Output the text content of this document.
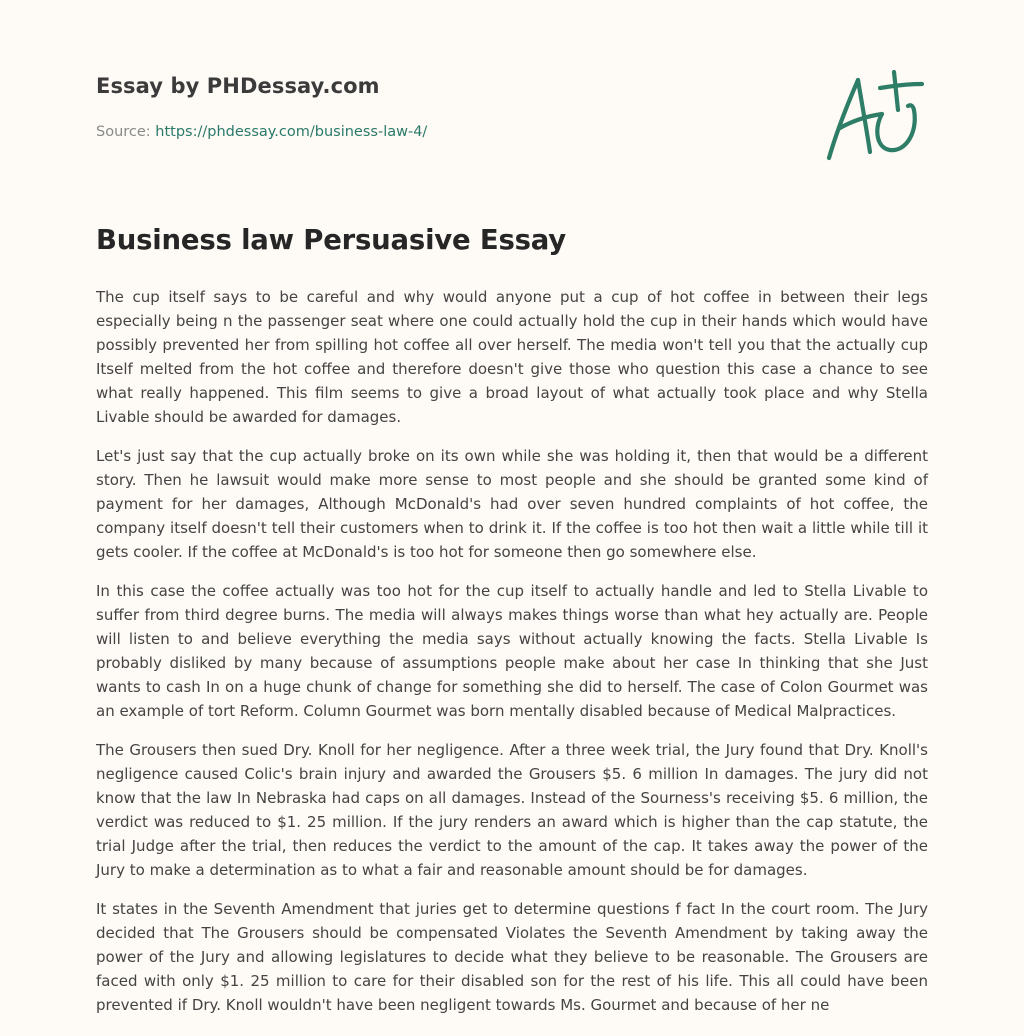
Essay by PHDessay.com
Source: https://phdessay.com/business-law-4/
Business law Persuasive Essay

The cup itself says to be careful and why would anyone put a cup of hot coffee in between their legs especially being n the passenger seat where one could actually hold the cup in their hands which would have possibly prevented her from spilling hot coffee all over herself. The media won't tell you that the actually cup Itself melted from the hot coffee and therefore doesn't give those who question this case a chance to see what really happened. This film seems to give a broad layout of what actually took place and why Stella Livable should be awarded for damages.

Let's just say that the cup actually broke on its own while she was holding it, then that would be a different story. Then he lawsuit would make more sense to most people and she should be granted some kind of payment for her damages, Although McDonald's had over seven hundred complaints of hot coffee, the company itself doesn't tell their customers when to drink it. If the coffee is too hot then wait a little while till it gets cooler. If the coffee at McDonald's is too hot for someone then go somewhere else.

In this case the coffee actually was too hot for the cup itself to actually handle and led to Stella Livable to suffer from third degree burns. The media will always makes things worse than what hey actually are. People will listen to and believe everything the media says without actually knowing the facts. Stella Livable Is probably disliked by many because of assumptions people make about her case In thinking that she Just wants to cash In on a huge chunk of change for something she did to herself. The case of Colon Gourmet was an example of tort Reform. Column Gourmet was born mentally disabled because of Medical Malpractices.

The Grousers then sued Dry. Knoll for her negligence. After a three week trial, the Jury found that Dry. Knoll's negligence caused Colic's brain injury and awarded the Grousers $5. 6 million In damages. The jury did not know that the law In Nebraska had caps on all damages. Instead of the Sourness's receiving $5. 6 million, the verdict was reduced to $1. 25 million. If the jury renders an award which is higher than the cap statute, the trial Judge after the trial, then reduces the verdict to the amount of the cap. It takes away the power of the Jury to make a determination as to what a fair and reasonable amount should be for damages.

It states in the Seventh Amendment that juries get to determine questions f fact In the court room. The Jury decided that The Grousers should be compensated Violates the Seventh Amendment by taking away the power of the Jury and allowing legislatures to decide what they believe to be reasonable. The Grousers are faced with only $1. 25 million to care for their disabled son for the rest of his life. This all could have been prevented if Dry. Knoll wouldn't have been negligent towards Ms. Gourmet and because of her ne
